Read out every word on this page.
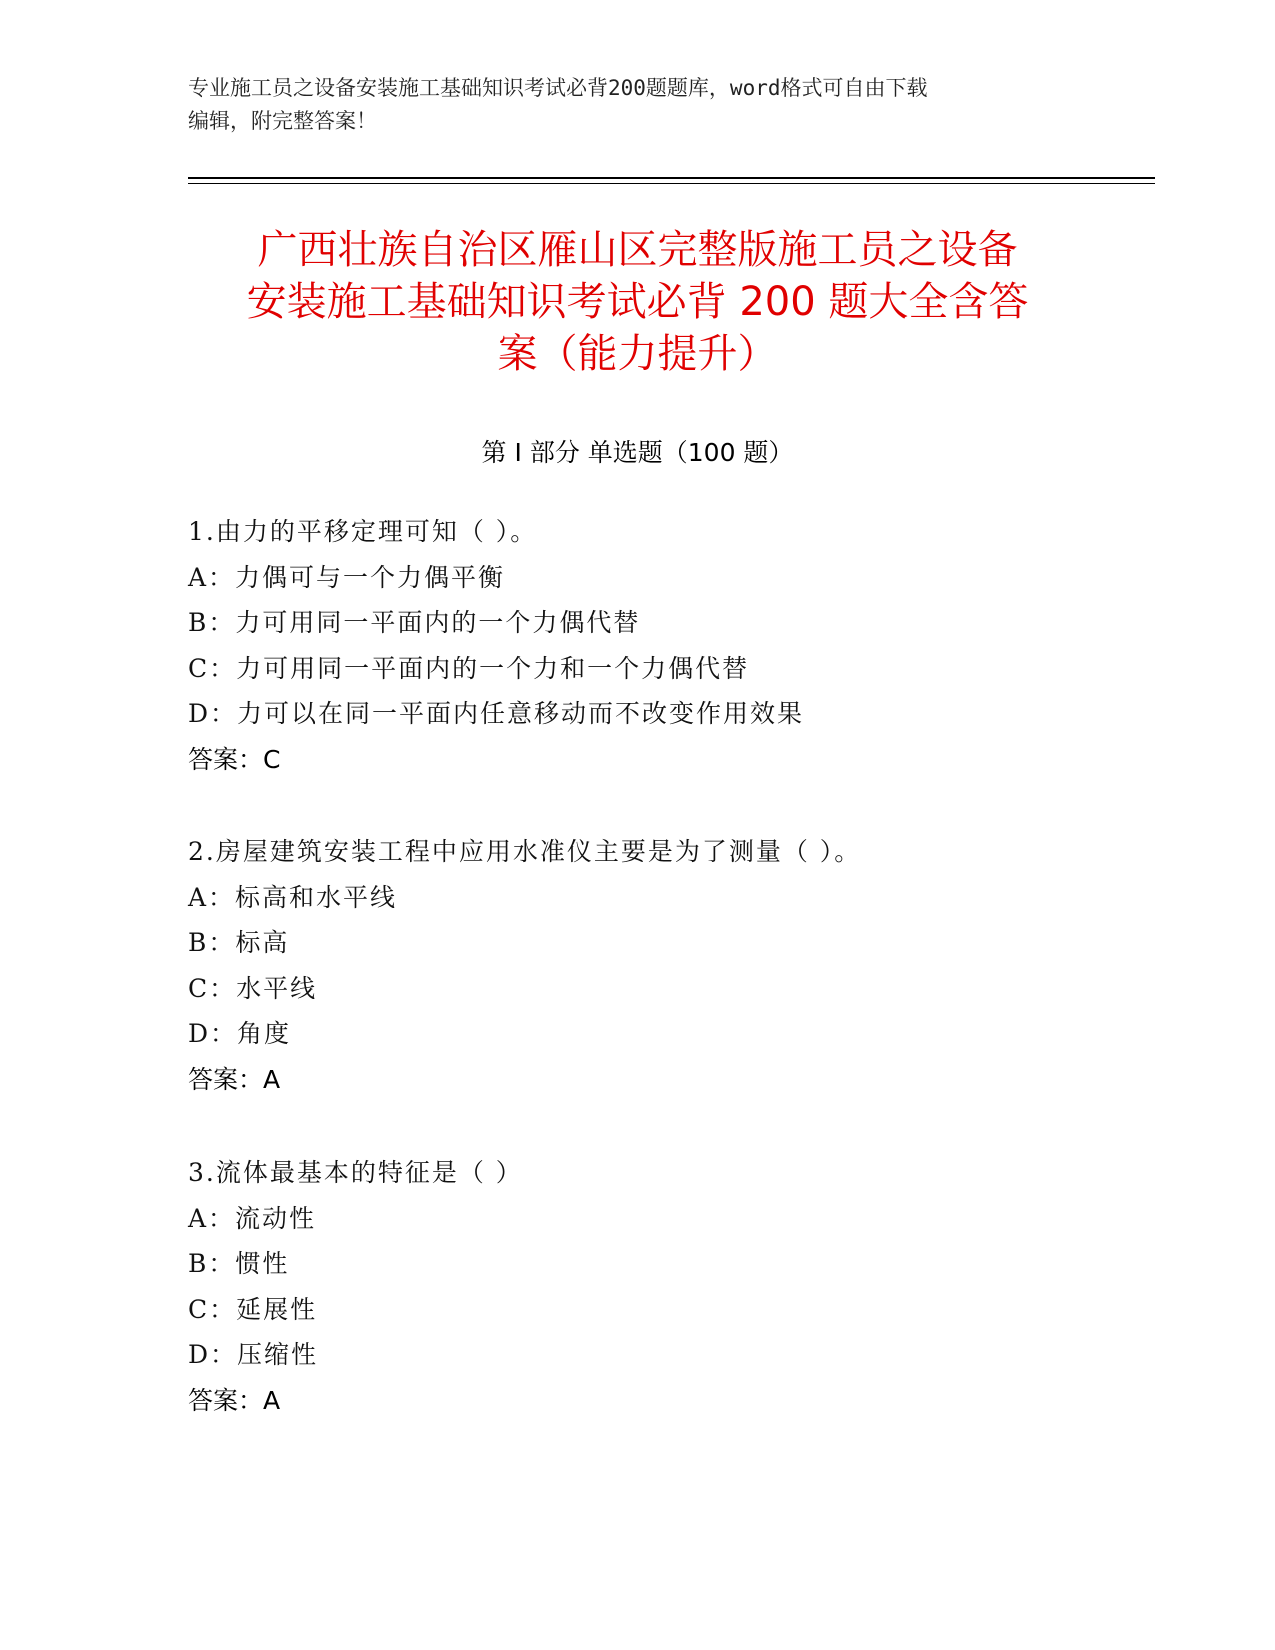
专业施工员之设备安装施工基础知识考试必背200题题库，word格式可自由下载
编辑，附完整答案！
广西壮族自治区雁山区完整版施工员之设备
安装施工基础知识考试必背 200 题大全含答
案（能力提升）
第 I 部分 单选题（100 题）
1.由力的平移定理可知（ ）。
A：力偶可与一个力偶平衡
B：力可用同一平面内的一个力偶代替
C：力可用同一平面内的一个力和一个力偶代替
D：力可以在同一平面内任意移动而不改变作用效果
答案：C
2.房屋建筑安装工程中应用水准仪主要是为了测量（ ）。
A：标高和水平线
B：标高
C：水平线
D：角度
答案：A
3.流体最基本的特征是（ ）
A：流动性
B：惯性
C：延展性
D：压缩性
答案：A
